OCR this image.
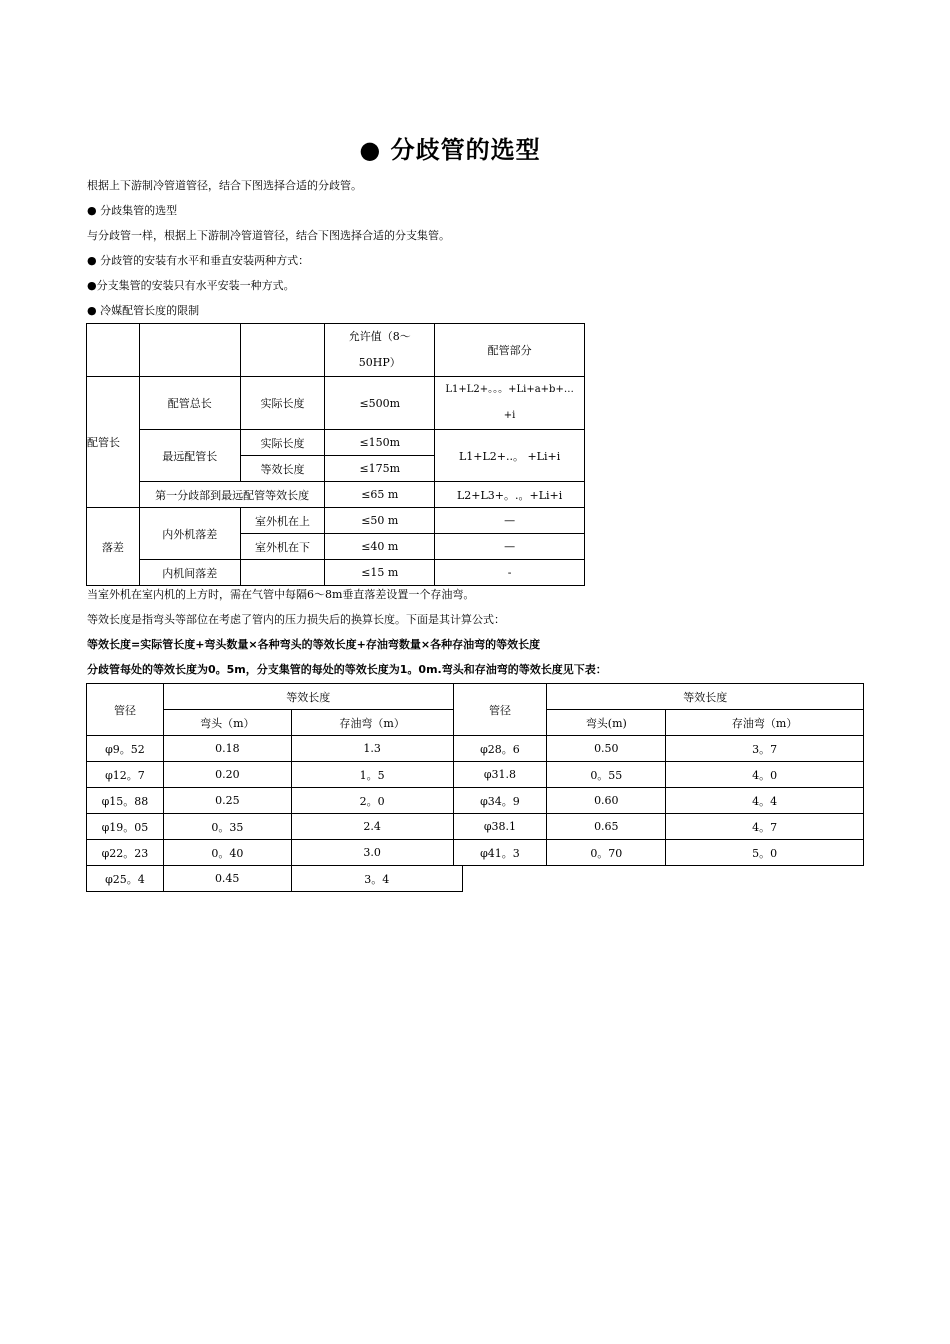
● 分歧管的选型
根据上下游制冷管道管径，结合下图选择合适的分歧管。
● 分歧集管的选型
与分歧管一样，根据上下游制冷管道管径，结合下图选择合适的分支集管。
● 分歧管的安装有水平和垂直安装两种方式：
●分支集管的安装只有水平安装一种方式。
● 冷媒配管长度的限制

			允许值（8～
50HP）	配管部分
配管长	配管总长	实际长度	≤500m	L1+L2+。。。+Li+a+b+…
+i

	最远配管长	实际长度	≤150m	L1+L2+..。 +Li+i
		等效长度	≤175m	
	第一分歧部到最远配管等效长度		≤65 m	L2+L3+。.。+Li+i
落差	内外机落差	室外机在上	≤50 m	—
		室外机在下	≤40 m	—
	内机间落差		≤15 m	-
当室外机在室内机的上方时，需在气管中每隔6～8m垂直落差设置一个存油弯。
等效长度是指弯头等部位在考虑了管内的压力损失后的换算长度。下面是其计算公式：
等效长度=实际管长度+弯头数量×各种弯头的等效长度+存油弯数量×各种存油弯的等效长度
分歧管每处的等效长度为0。5m，分支集管的每处的等效长度为1。0m.弯头和存油弯的等效长度见下表：
管径	等效长度		管径	等效长度	
	弯头（m）	存油弯（m）		弯头(m)	存油弯（m）
φ9。52	0.18	1.3	φ28。6	0.50	3。7
φ12。7	0.20	1。5	φ31.8	0。55	4。0
φ15。88	0.25	2。0	φ34。9	0.60	4。4
φ19。05	0。35	2.4	φ38.1	0.65	4。7
φ22。23	0。40	3.0	φ41。3	0。70	5。0
φ25。4	0.45	3。4
